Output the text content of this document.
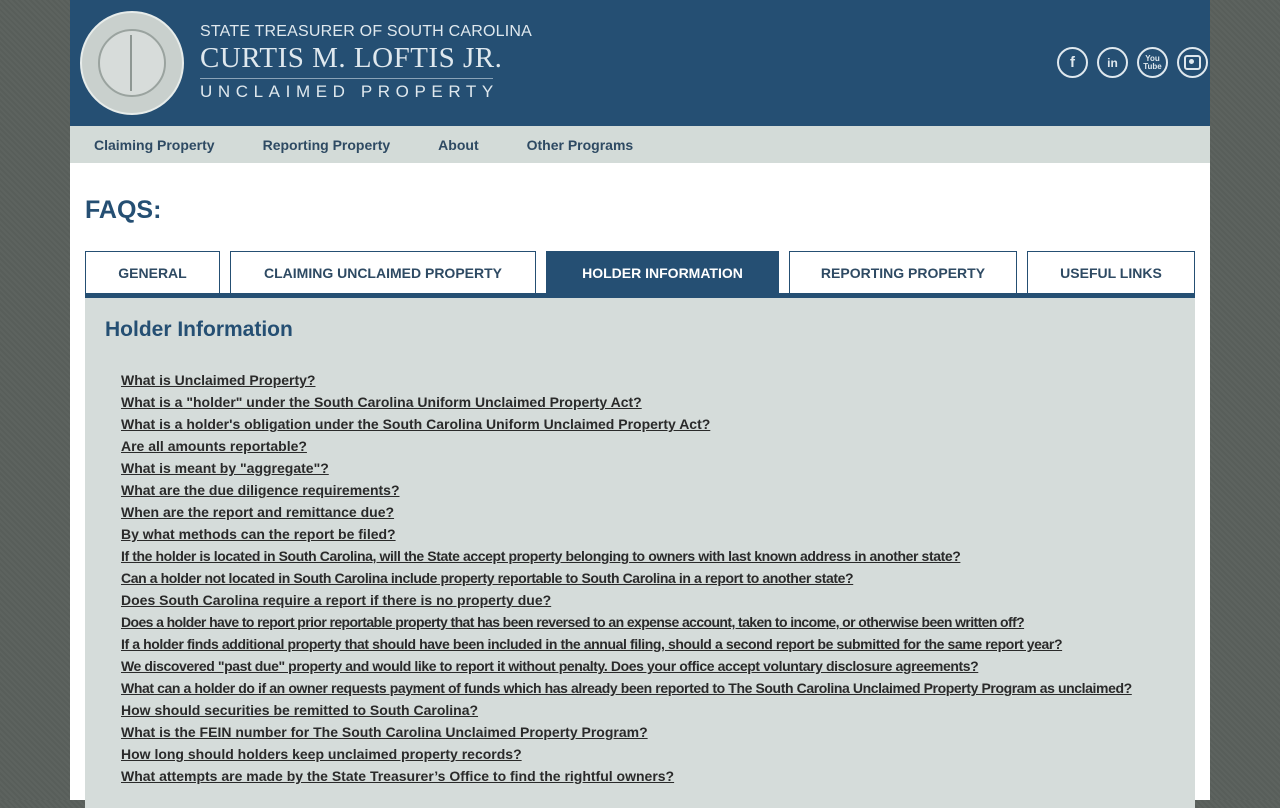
STATE TREASURER OF SOUTH CAROLINA
CURTIS M. LOFTIS JR.
UNCLAIMED PROPERTY
f	in	You
Tube
Claiming Property	Reporting Property	About	Other Programs
FAQS:
GENERAL	CLAIMING UNCLAIMED PROPERTY	HOLDER INFORMATION	REPORTING PROPERTY	USEFUL LINKS
Holder Information
What is Unclaimed Property?
What is a "holder" under the South Carolina Uniform Unclaimed Property Act?
What is a holder's obligation under the South Carolina Uniform Unclaimed Property Act?
Are all amounts reportable?
What is meant by "aggregate"?
What are the due diligence requirements?
When are the report and remittance due?
By what methods can the report be filed?
If the holder is located in South Carolina, will the State accept property belonging to owners with last known address in another state?
Can a holder not located in South Carolina include property reportable to South Carolina in a report to another state?
Does South Carolina require a report if there is no property due?
Does a holder have to report prior reportable property that has been reversed to an expense account, taken to income, or otherwise been written off?
If a holder finds additional property that should have been included in the annual filing, should a second report be submitted for the same report year?
We discovered "past due" property and would like to report it without penalty. Does your office accept voluntary disclosure agreements?
What can a holder do if an owner requests payment of funds which has already been reported to The South Carolina Unclaimed Property Program as unclaimed?
How should securities be remitted to South Carolina?
What is the FEIN number for The South Carolina Unclaimed Property Program?
How long should holders keep unclaimed property records?
What attempts are made by the State Treasurer’s Office to find the rightful owners?
